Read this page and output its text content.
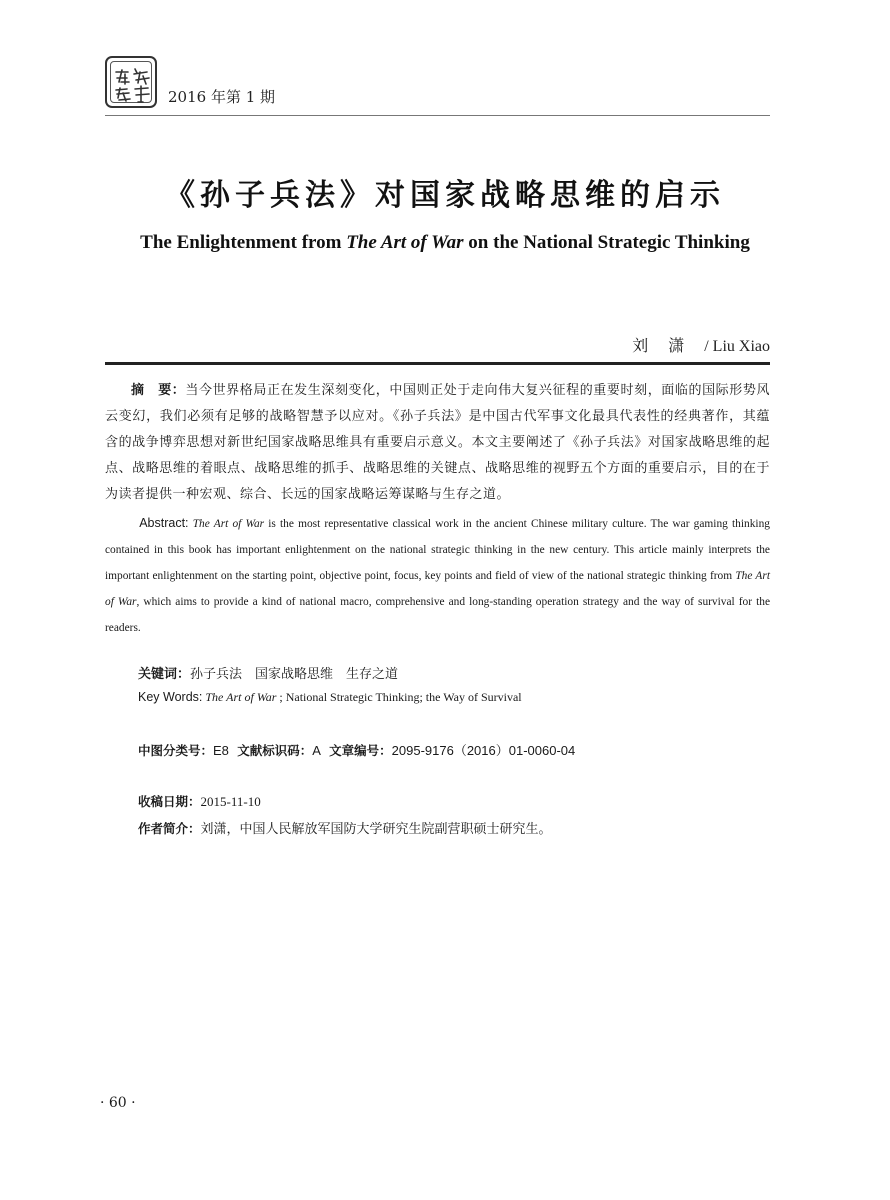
2016 年第 1 期
《孙子兵法》对国家战略思维的启示
The Enlightenment from The Art of War on the National Strategic Thinking
刘潇/ Liu Xiao

摘　要：当今世界格局正在发生深刻变化，中国则正处于走向伟大复兴征程的重要时刻，面临的国际形势风云变幻，我们必须有足够的战略智慧予以应对。《孙子兵法》是中国古代军事文化最具代表性的经典著作，其蕴含的战争博弈思想对新世纪国家战略思维具有重要启示意义。本文主要阐述了《孙子兵法》对国家战略思维的起点、战略思维的着眼点、战略思维的抓手、战略思维的关键点、战略思维的视野五个方面的重要启示，目的在于为读者提供一种宏观、综合、长远的国家战略运筹谋略与生存之道。

Abstract: The Art of War is the most representative classical work in the ancient Chinese military culture. The war gaming thinking contained in this book has important enlightenment on the national strategic thinking in the new century. This article mainly interprets the important enlightenment on the starting point, objective point, focus, key points and field of view of the national strategic thinking from The Art of War, which aims to provide a kind of national macro, comprehensive and long-standing operation strategy and the way of survival for the readers.

关键词：孙子兵法　国家战略思维　生存之道
Key Words: The Art of War ; National Strategic Thinking; the Way of Survival
中图分类号：E8 文献标识码：A 文章编号：2095-9176（2016）01-0060-04
收稿日期：2015-11-10
作者简介：刘潇，中国人民解放军国防大学研究生院副营职硕士研究生。
· 60 ·
